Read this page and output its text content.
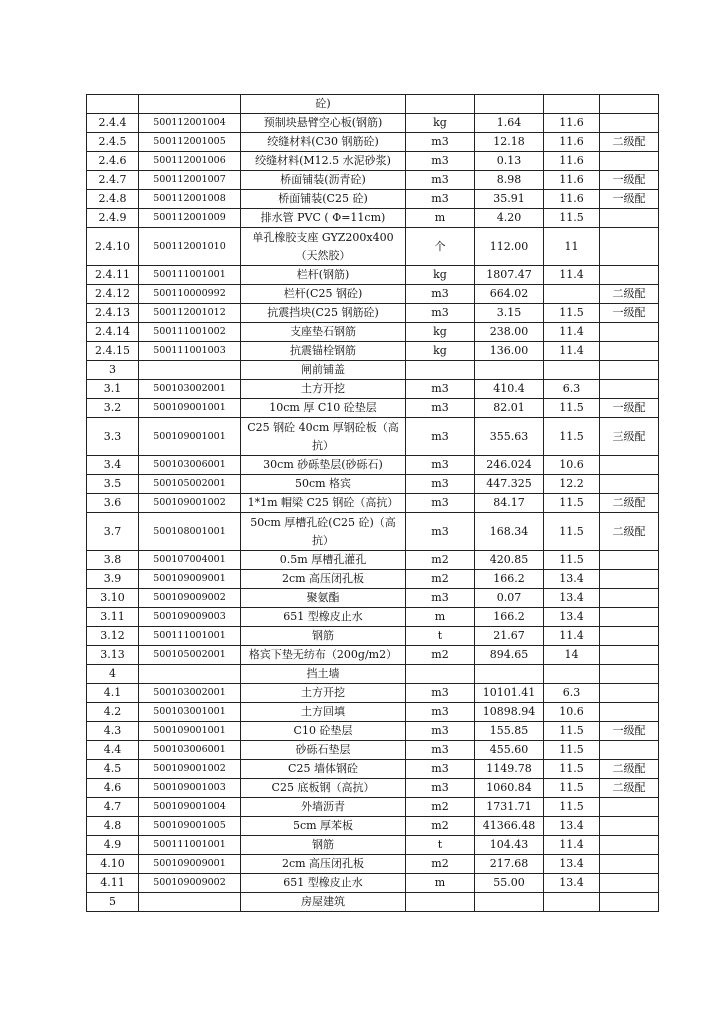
		砼)				
2.4.4	500112001004	预制块悬臂空心板(钢筋)	kg	1.64	11.6	
2.4.5	500112001005	绞缝材料(C30 钢筋砼)	m3	12.18	11.6	二级配
2.4.6	500112001006	绞缝材料(M12.5 水泥砂浆)	m3	0.13	11.6	
2.4.7	500112001007	桥面铺装(沥青砼)	m3	8.98	11.6	一级配
2.4.8	500112001008	桥面铺装(C25 砼)	m3	35.91	11.6	一级配
2.4.9	500112001009	排水管 PVC ( Φ=11cm)	m	4.20	11.5	
2.4.10	500112001010	单孔橡胶支座 GYZ200x400（天然胶）	个	112.00	11	
2.4.11	500111001001	栏杆(钢筋)	kg	1807.47	11.4	
2.4.12	500110000992	栏杆(C25 钢砼)	m3	664.02		二级配
2.4.13	500112001012	抗震挡块(C25 钢筋砼)	m3	3.15	11.5	一级配
2.4.14	500111001002	支座垫石钢筋	kg	238.00	11.4	
2.4.15	500111001003	抗震锚栓钢筋	kg	136.00	11.4	
3		闸前铺盖				
3.1	500103002001	土方开挖	m3	410.4	6.3	
3.2	500109001001	10cm 厚 C10 砼垫层	m3	82.01	11.5	一级配
3.3	500109001001	C25 钢砼 40cm 厚钢砼板（高抗）	m3	355.63	11.5	三级配
3.4	500103006001	30cm 砂砾垫层(砂砾石)	m3	246.024	10.6	
3.5	500105002001	50cm 格宾	m3	447.325	12.2	
3.6	500109001002	1*1m 帽梁 C25 钢砼（高抗）	m3	84.17	11.5	二级配
3.7	500108001001	50cm 厚槽孔砼(C25 砼)（高抗）	m3	168.34	11.5	二级配
3.8	500107004001	0.5m 厚槽孔灌孔	m2	420.85	11.5	
3.9	500109009001	2cm 高压闭孔板	m2	166.2	13.4	
3.10	500109009002	聚氨酯	m3	0.07	13.4	
3.11	500109009003	651 型橡皮止水	m	166.2	13.4	
3.12	500111001001	钢筋	t	21.67	11.4	
3.13	500105002001	格宾下垫无纺布（200g/m2）	m2	894.65	14	
4		挡土墙				
4.1	500103002001	土方开挖	m3	10101.41	6.3	
4.2	500103001001	土方回填	m3	10898.94	10.6	
4.3	500109001001	C10 砼垫层	m3	155.85	11.5	一级配
4.4	500103006001	砂砾石垫层	m3	455.60	11.5	
4.5	500109001002	C25 墙体钢砼	m3	1149.78	11.5	二级配
4.6	500109001003	C25 底板钢（高抗）	m3	1060.84	11.5	二级配
4.7	500109001004	外墙沥青	m2	1731.71	11.5	
4.8	500109001005	5cm 厚苯板	m2	41366.48	13.4	
4.9	500111001001	钢筋	t	104.43	11.4	
4.10	500109009001	2cm 高压闭孔板	m2	217.68	13.4	
4.11	500109009002	651 型橡皮止水	m	55.00	13.4	
5		房屋建筑				
